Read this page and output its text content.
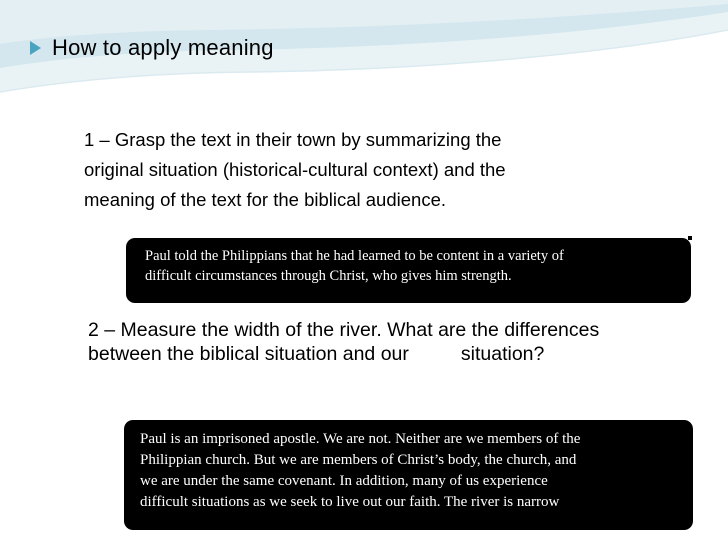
How to apply meaning

1 – Grasp the text in their town by summarizing the
original situation (historical-cultural context) and the
meaning of the text for the biblical audience.

Paul told the Philippians that he had learned to be content in a variety of
difficult circumstances through Christ, who gives him strength.

2 – Measure the width of the river. What are the differences
between the biblical situation and our	situation?

Paul is an imprisoned apostle. We are not. Neither are we members of the
Philippian church. But we are members of Christ’s body, the church, and
we are under the same covenant. In addition, many of us experience
difficult situations as we seek to live out our faith. The river is narrow
